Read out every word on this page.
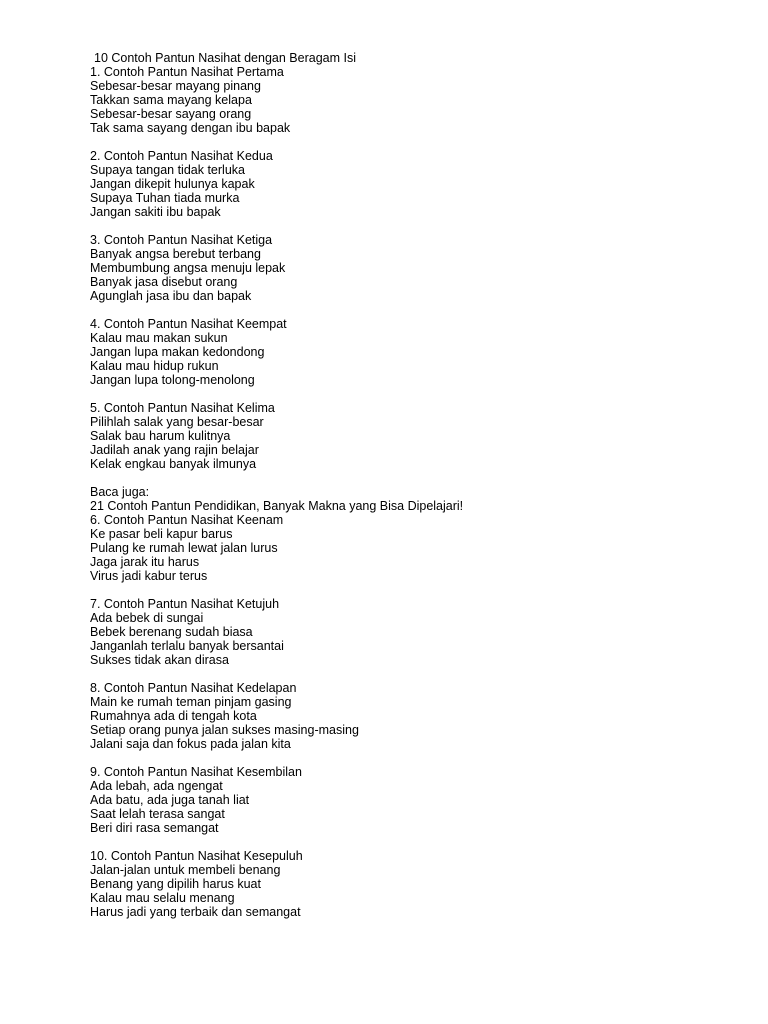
10 Contoh Pantun Nasihat dengan Beragam Isi
1. Contoh Pantun Nasihat Pertama
Sebesar-besar mayang pinang
Takkan sama mayang kelapa
Sebesar-besar sayang orang
Tak sama sayang dengan ibu bapak
2. Contoh Pantun Nasihat Kedua
Supaya tangan tidak terluka
Jangan dikepit hulunya kapak
Supaya Tuhan tiada murka
Jangan sakiti ibu bapak
3. Contoh Pantun Nasihat Ketiga
Banyak angsa berebut terbang
Membumbung angsa menuju lepak
Banyak jasa disebut orang
Agunglah jasa ibu dan bapak
4. Contoh Pantun Nasihat Keempat
Kalau mau makan sukun
Jangan lupa makan kedondong
Kalau mau hidup rukun
Jangan lupa tolong-menolong
5. Contoh Pantun Nasihat Kelima
Pilihlah salak yang besar-besar
Salak bau harum kulitnya
Jadilah anak yang rajin belajar
Kelak engkau banyak ilmunya
Baca juga:
21 Contoh Pantun Pendidikan, Banyak Makna yang Bisa Dipelajari!
6. Contoh Pantun Nasihat Keenam
Ke pasar beli kapur barus
Pulang ke rumah lewat jalan lurus
Jaga jarak itu harus
Virus jadi kabur terus
7. Contoh Pantun Nasihat Ketujuh
Ada bebek di sungai
Bebek berenang sudah biasa
Janganlah terlalu banyak bersantai
Sukses tidak akan dirasa
8. Contoh Pantun Nasihat Kedelapan
Main ke rumah teman pinjam gasing
Rumahnya ada di tengah kota
Setiap orang punya jalan sukses masing-masing
Jalani saja dan fokus pada jalan kita
9. Contoh Pantun Nasihat Kesembilan
Ada lebah, ada ngengat
Ada batu, ada juga tanah liat
Saat lelah terasa sangat
Beri diri rasa semangat
10. Contoh Pantun Nasihat Kesepuluh
Jalan-jalan untuk membeli benang
Benang yang dipilih harus kuat
Kalau mau selalu menang
Harus jadi yang terbaik dan semangat
